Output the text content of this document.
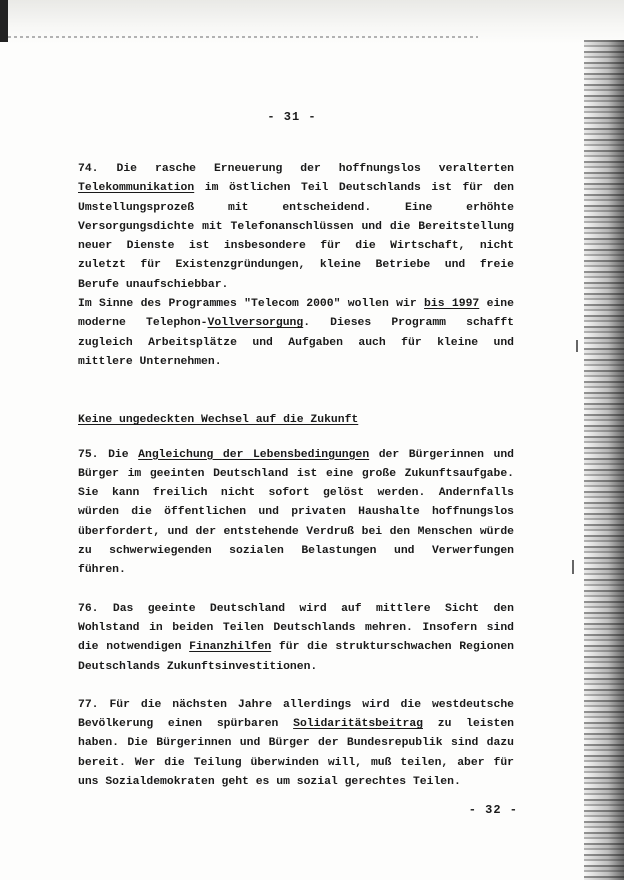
- 31 -

74. Die rasche Erneuerung der hoffnungslos veralterten Telekommunikation im östlichen Teil Deutschlands ist für den Umstellungsprozeß mit entscheidend. Eine erhöhte Versorgungsdichte mit Telefonanschlüssen und die Bereitstellung neuer Dienste ist insbesondere für die Wirtschaft, nicht zuletzt für Existenzgründungen, kleine Betriebe und freie Berufe unaufschiebbar.

Im Sinne des Programmes "Telecom 2000" wollen wir bis 1997 eine moderne Telephon-Vollversorgung. Dieses Programm schafft zugleich Arbeitsplätze und Aufgaben auch für kleine und mittlere Unternehmen.

Keine ungedeckten Wechsel auf die Zukunft

75. Die Angleichung der Lebensbedingungen der Bürgerinnen und Bürger im geeinten Deutschland ist eine große Zukunftsaufgabe. Sie kann freilich nicht sofort gelöst werden. Andernfalls würden die öffentlichen und privaten Haushalte hoffnungslos überfordert, und der entstehende Verdruß bei den Menschen würde zu schwerwiegenden sozialen Belastungen und Verwerfungen führen.

76. Das geeinte Deutschland wird auf mittlere Sicht den Wohlstand in beiden Teilen Deutschlands mehren. Insofern sind die notwendigen Finanzhilfen für die strukturschwachen Regionen Deutschlands Zukunftsinvestitionen.

77. Für die nächsten Jahre allerdings wird die westdeutsche Bevölkerung einen spürbaren Solidaritätsbeitrag zu leisten haben. Die Bürgerinnen und Bürger der Bundesrepublik sind dazu bereit. Wer die Teilung überwinden will, muß teilen, aber für uns Sozialdemokraten geht es um sozial gerechtes Teilen.

- 32 -
